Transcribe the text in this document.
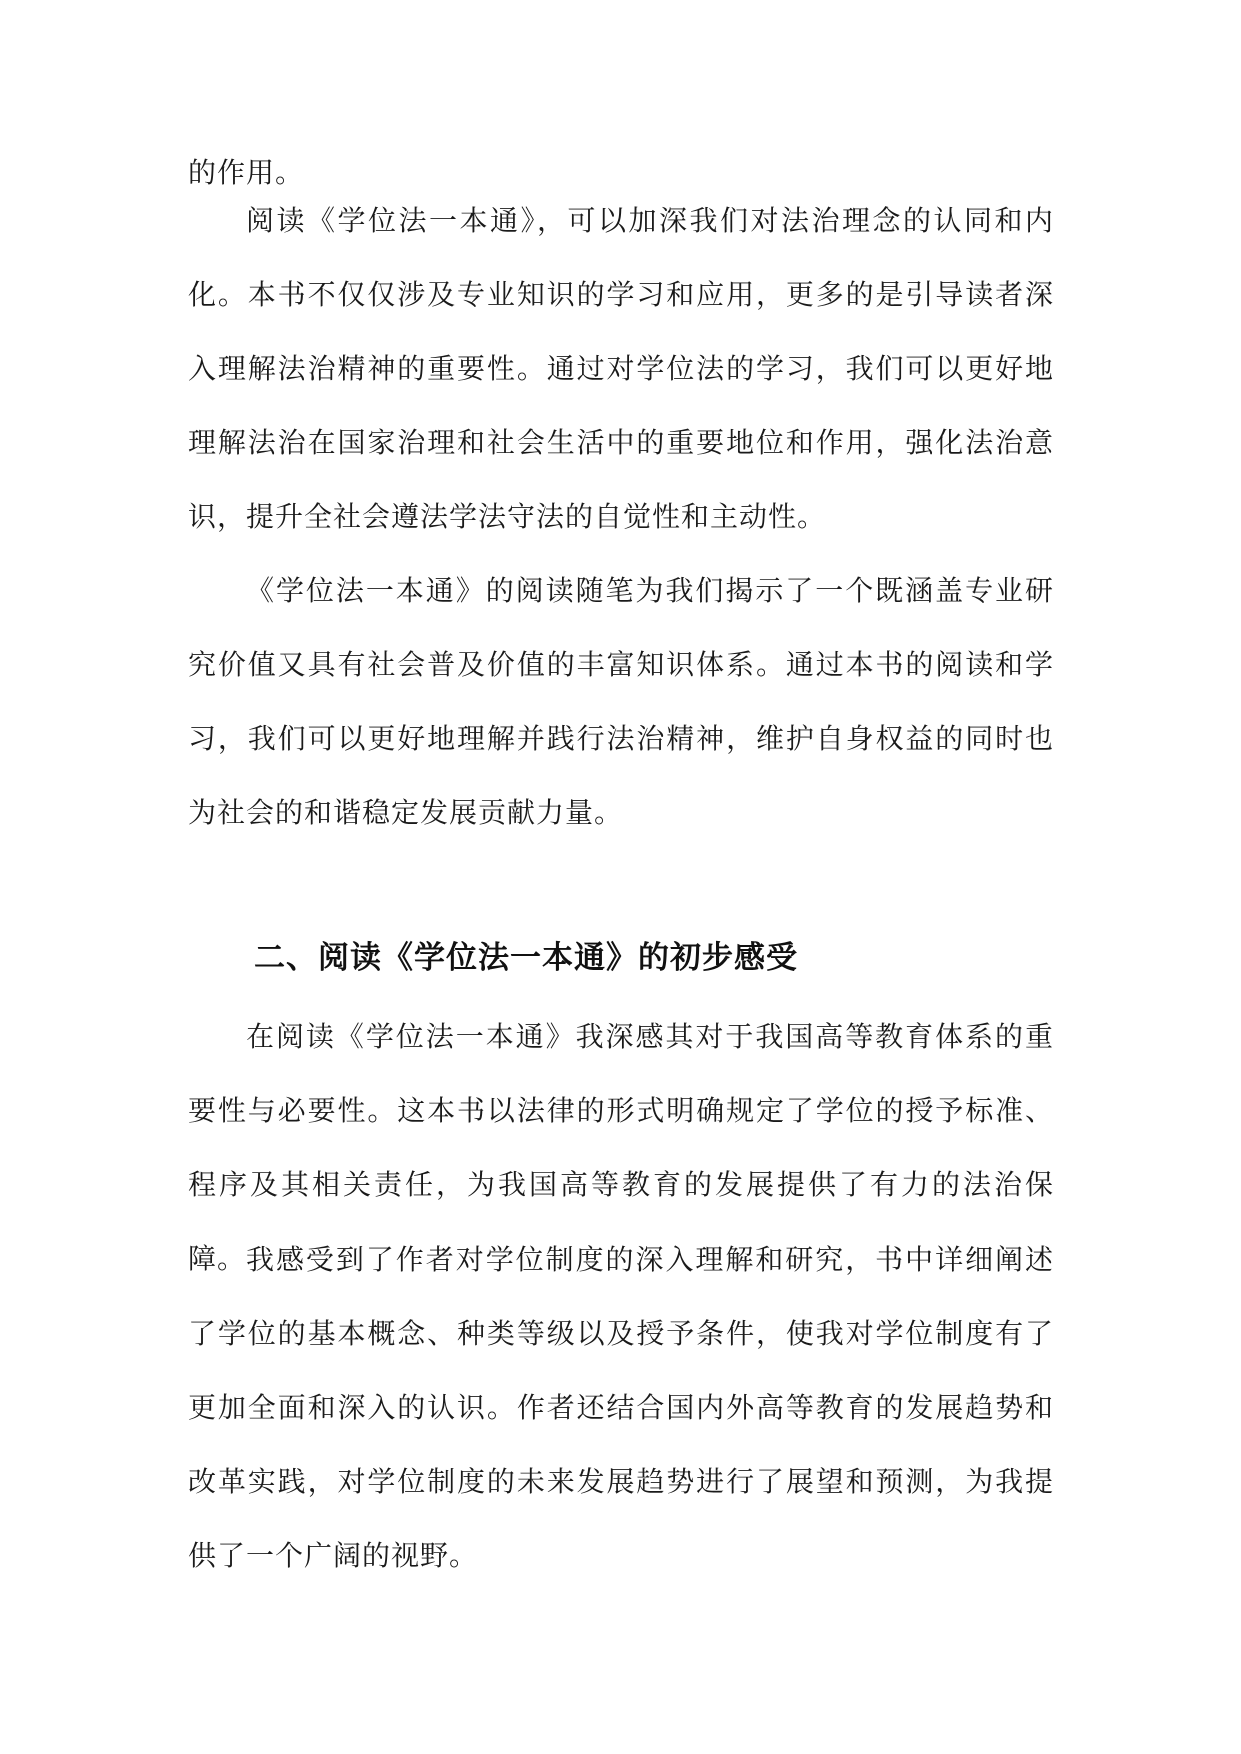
的作用。

阅读《学位法一本通》，可以加深我们对法治理念的认同和内化。本书不仅仅涉及专业知识的学习和应用，更多的是引导读者深入理解法治精神的重要性。通过对学位法的学习，我们可以更好地理解法治在国家治理和社会生活中的重要地位和作用，强化法治意识，提升全社会遵法学法守法的自觉性和主动性。

《学位法一本通》的阅读随笔为我们揭示了一个既涵盖专业研究价值又具有社会普及价值的丰富知识体系。通过本书的阅读和学习，我们可以更好地理解并践行法治精神，维护自身权益的同时也为社会的和谐稳定发展贡献力量。

二、阅读《学位法一本通》的初步感受

在阅读《学位法一本通》我深感其对于我国高等教育体系的重要性与必要性。这本书以法律的形式明确规定了学位的授予标准、程序及其相关责任，为我国高等教育的发展提供了有力的法治保障。 我感受到了作者对学位制度的深入理解和研究，书中详细阐述了学位的基本概念、种类等级以及授予条件，使我对学位制度有了更加全面和深入的认识。作者还结合国内外高等教育的发展趋势和改革实践，对学位制度的未来发展趋势进行了展望和预测，为我提供了一个广阔的视野。
